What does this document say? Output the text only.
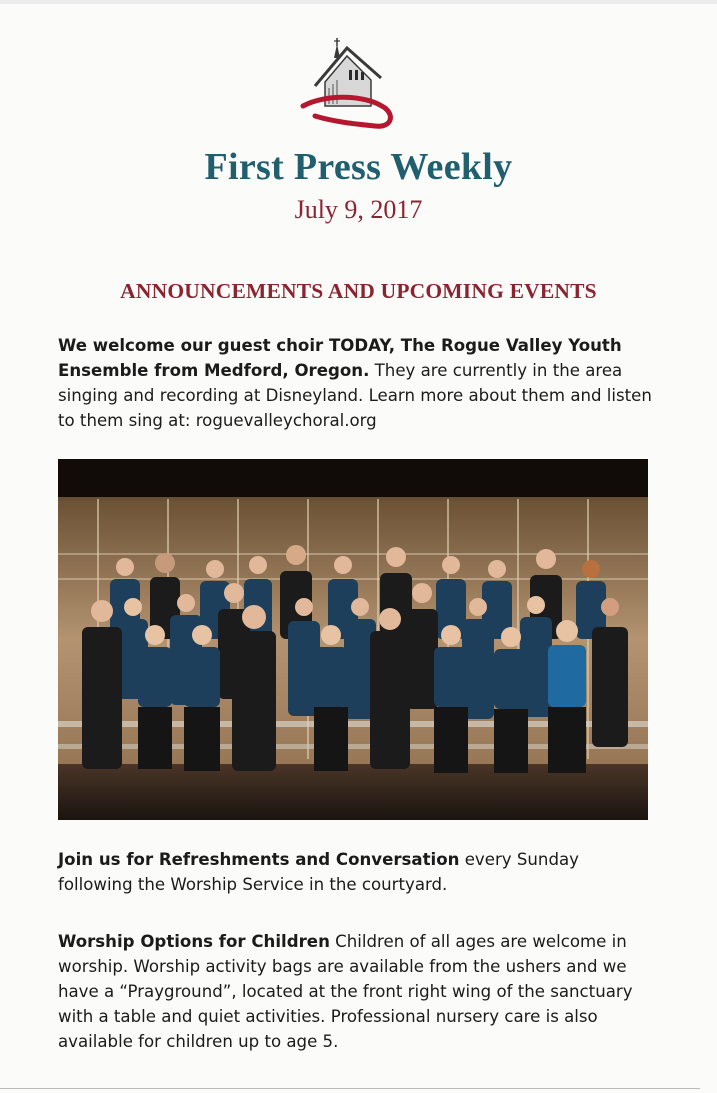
First Press Weekly
July 9, 2017
ANNOUNCEMENTS AND UPCOMING EVENTS

We welcome our guest choir TODAY, The Rogue Valley Youth Ensemble from Medford, Oregon. They are currently in the area singing and recording at Disneyland. Learn more about them and listen to them sing at: roguevalleychoral.org

Join us for Refreshments and Conversation every Sunday following the Worship Service in the courtyard.

Worship Options for Children Children of all ages are welcome in worship. Worship activity bags are available from the ushers and we have a “Prayground”, located at the front right wing of the sanctuary with a table and quiet activities. Professional nursery care is also available for children up to age 5.
